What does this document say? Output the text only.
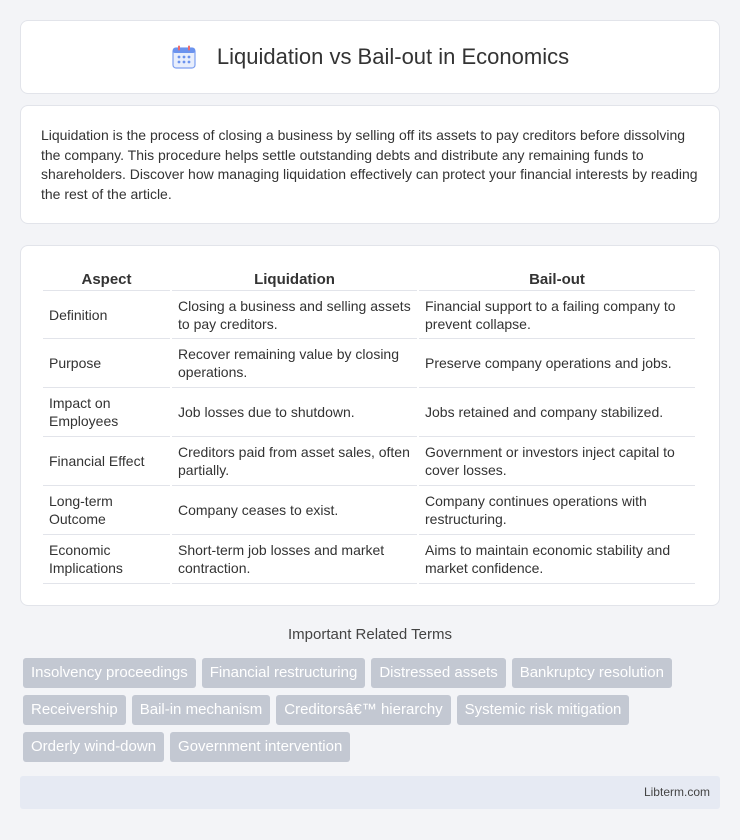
Liquidation vs Bail-out in Economics

Liquidation is the process of closing a business by selling off its assets to pay creditors before dissolving the company. This procedure helps settle outstanding debts and distribute any remaining funds to shareholders. Discover how managing liquidation effectively can protect your financial interests by reading the rest of the article.

Aspect	Liquidation	Bail-out
Definition	Closing a business and selling assets to pay creditors.	Financial support to a failing company to prevent collapse.
Purpose	Recover remaining value by closing operations.	Preserve company operations and jobs.
Impact on Employees	Job losses due to shutdown.	Jobs retained and company stabilized.
Financial Effect	Creditors paid from asset sales, often partially.	Government or investors inject capital to cover losses.
Long-term Outcome	Company ceases to exist.	Company continues operations with restructuring.
Economic Implications	Short-term job losses and market contraction.	Aims to maintain economic stability and market confidence.
Important Related Terms
Insolvency proceedings	Financial restructuring	Distressed assets	Bankruptcy resolution
Receivership	Bail-in mechanism	Creditorsâ€™ hierarchy	Systemic risk mitigation
Orderly wind-down	Government intervention
Libterm.com
